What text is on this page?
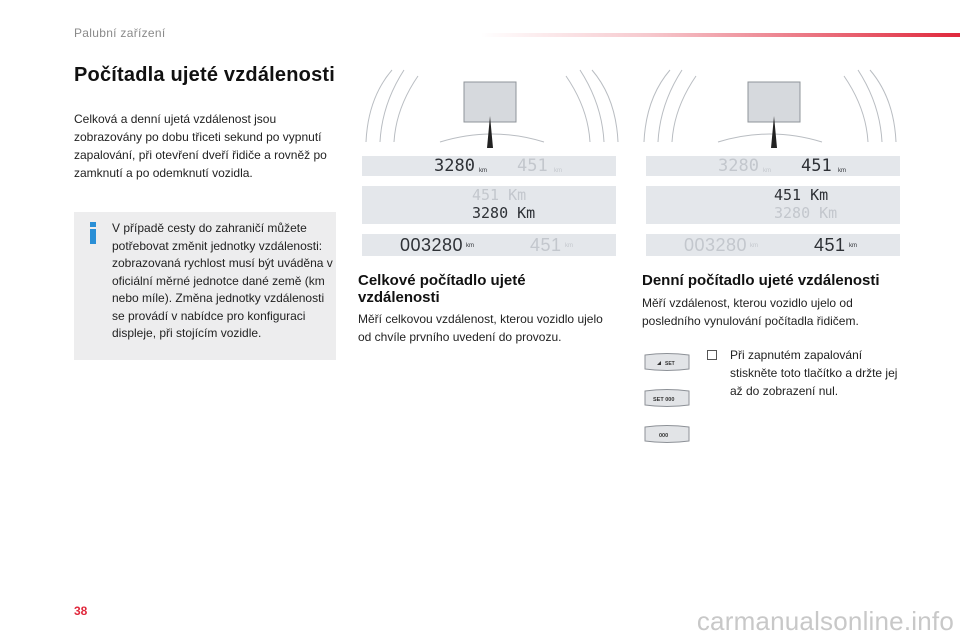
Palubní zařízení
Počítadla ujeté vzdálenosti
Celková a denní ujetá vzdálenost jsou zobrazovány po dobu třiceti sekund po vypnutí zapalování, při otevření dveří řidiče a rovněž po zamknutí a po odemknutí vozidla.
V případě cesty do zahraničí můžete potřebovat změnit jednotky vzdálenosti: zobrazovaná rychlost musí být uváděna v oficiální měrné jednotce dané země (km nebo míle). Změna jednotky vzdálenosti se provádí v nabídce pro konfiguraci displeje, při stojícím vozidle.
3280 km 451 km
451 Km
3280 Km
003280 km	451 km
3280 km 451 km
451 Km
3280 Km
003280 km	451 km
Celkové počítadlo ujeté vzdálenosti
Měří celkovou vzdálenost, kterou vozidlo ujelo od chvíle prvního uvedení do provozu.
Denní počítadlo ujeté vzdálenosti
Měří vzdálenost, kterou vozidlo ujelo od posledního vynulování počítadla řidičem.
SET
SET 000
000
Při zapnutém zapalování stiskněte toto tlačítko a držte jej až do zobrazení nul.
38	carmanualsonline.info
